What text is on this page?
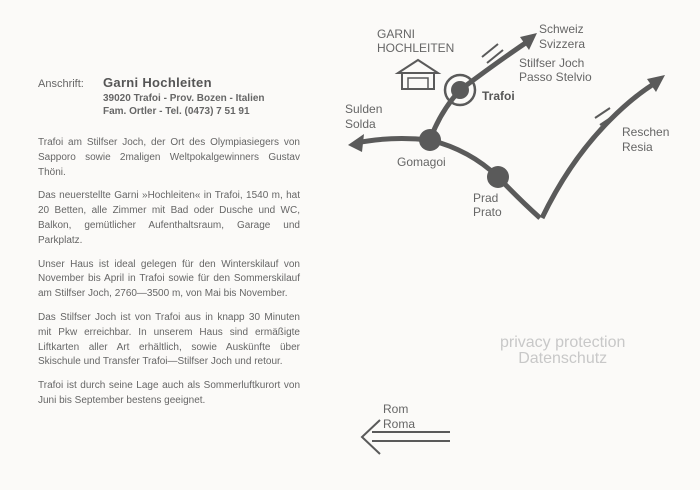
Anschrift: Garni Hochleiten
39020 Trafoi - Prov. Bozen - Italien
Fam. Ortler - Tel. (0473) 7 51 91

Trafoi am Stilfser Joch, der Ort des Olympiasiegers von Sapporo sowie 2maligen Weltpokalgewinners Gustav Thöni.

Das neuerstellte Garni »Hochleiten« in Trafoi, 1540 m, hat 20 Betten, alle Zimmer mit Bad oder Dusche und WC, Balkon, gemütlicher Aufenthaltsraum, Garage und Parkplatz.

Unser Haus ist ideal gelegen für den Winterskilauf von November bis April in Trafoi sowie für den Sommerskilauf am Stilfser Joch, 2760—3500 m, von Mai bis November.

Das Stilfser Joch ist von Trafoi aus in knapp 30 Minuten mit Pkw erreichbar. In unserem Haus sind ermäßigte Liftkarten aller Art erhältlich, sowie Auskünfte über Skischule und Transfer Trafoi—Stilfser Joch und retour.

Trafoi ist durch seine Lage auch als Sommerluftkurort von Juni bis September bestens geeignet.

GARNI
HOCHLEITEN
Trafoi
Schweiz
Svizzera
Stilfser Joch
Passo Stelvio
Sulden
Solda
Gomagoi
Prad
Prato
Reschen
Resia
Rom
Roma
privacy protection
Datenschutz
